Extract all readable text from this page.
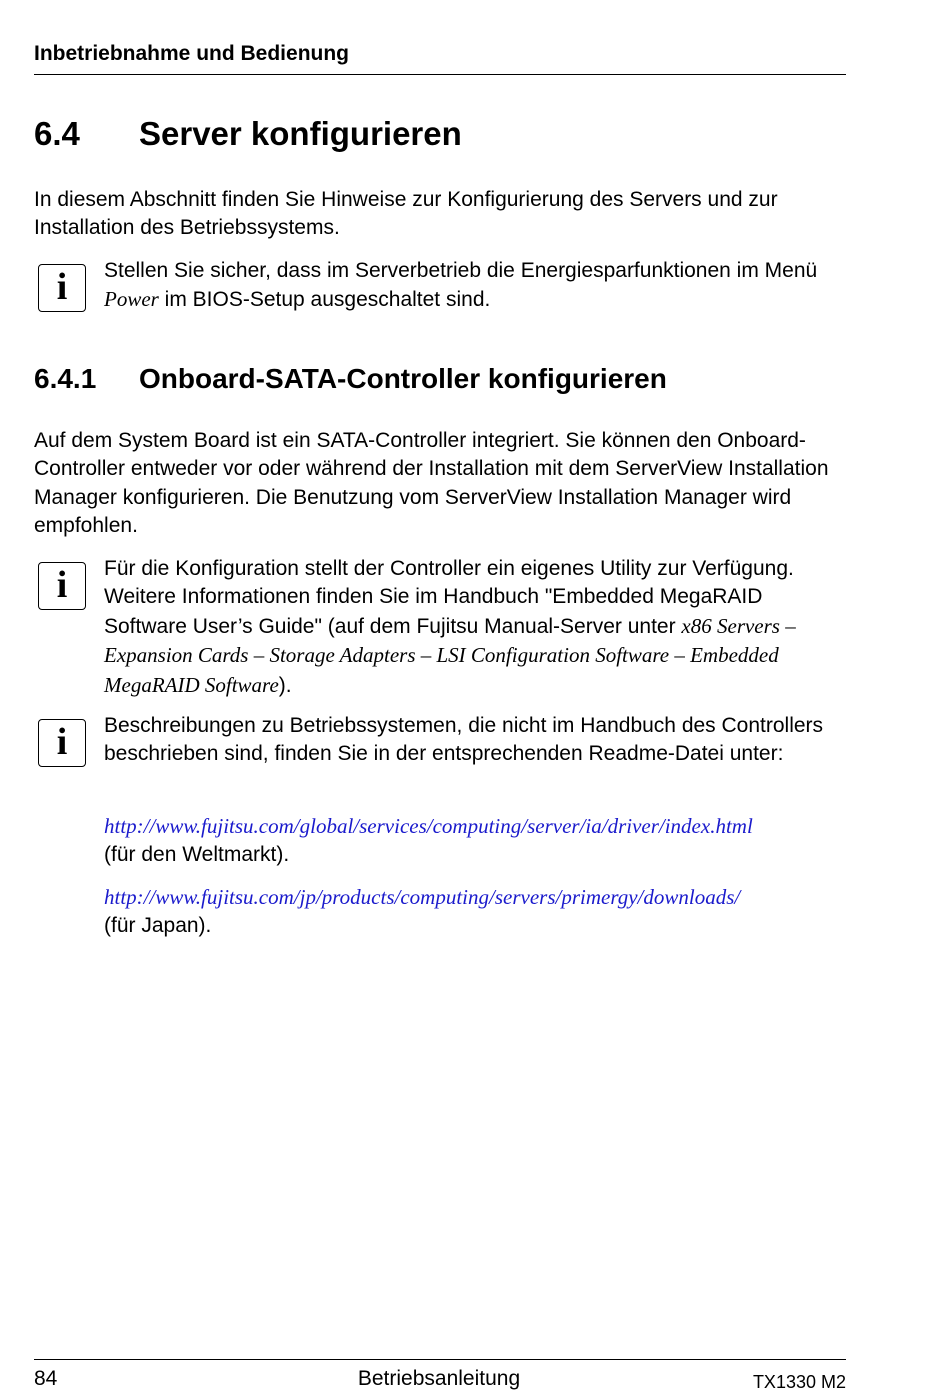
Inbetriebnahme und Bedienung
6.4 Server konfigurieren

In diesem Abschnitt finden Sie Hinweise zur Konfigurierung des Servers und zur Installation des Betriebssystems.

i Stellen Sie sicher, dass im Serverbetrieb die Energiesparfunktionen im Menü Power im BIOS-Setup ausgeschaltet sind.

6.4.1 Onboard-SATA-Controller konfigurieren

Auf dem System Board ist ein SATA-Controller integriert. Sie können den Onboard-Controller entweder vor oder während der Installation mit dem ServerView Installation Manager konfigurieren. Die Benutzung vom ServerView Installation Manager wird empfohlen.

i Für die Konfiguration stellt der Controller ein eigenes Utility zur Verfügung. Weitere Informationen finden Sie im Handbuch "Embedded MegaRAID Software User’s Guide" (auf dem Fujitsu Manual-Server unter x86 Servers – Expansion Cards – Storage Adapters – LSI Configuration Software – Embedded MegaRAID Software).

i Beschreibungen zu Betriebssystemen, die nicht im Handbuch des Controllers beschrieben sind, finden Sie in der entsprechenden Readme-Datei unter:

http://www.fujitsu.com/global/services/computing/server/ia/driver/index.html
(für den Weltmarkt).

http://www.fujitsu.com/jp/products/computing/servers/primergy/downloads/
(für Japan).

84	Betriebsanleitung	TX1330 M2
